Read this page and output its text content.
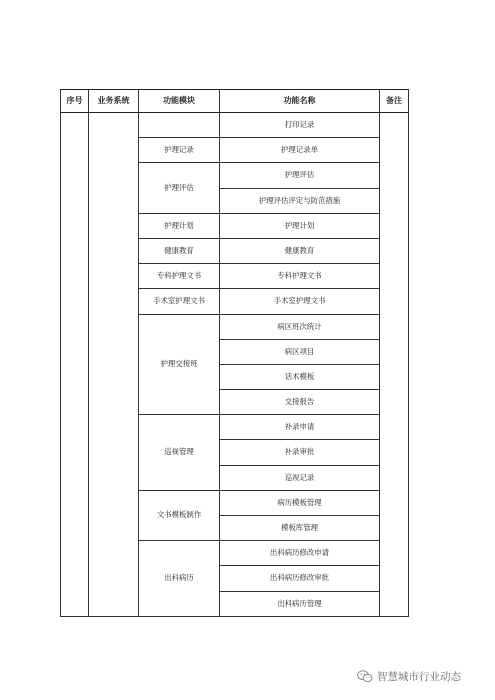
序号	业务系统	功能模块	功能名称	备注
			打印记录	
		护理记录	护理记录单	
		护理评估	护理评估	
			护理评估评定与防范措施	
		护理计划	护理计划	
		健康教育	健康教育	
		专科护理文书	专科护理文书	
		手术室护理文书	手术室护理文书	
		护理交接班	病区班次统计	
			病区项目	
			话术模板	
			交接报告	
		巡视管理	补录申请	
			补录审批	
			巡视记录	
		文书模板制作	病历模板管理	
			模板库管理	
		出科病历	出科病历修改申请	
			出科病历修改审批	
			出科病历管理	
智慧城市行业动态
